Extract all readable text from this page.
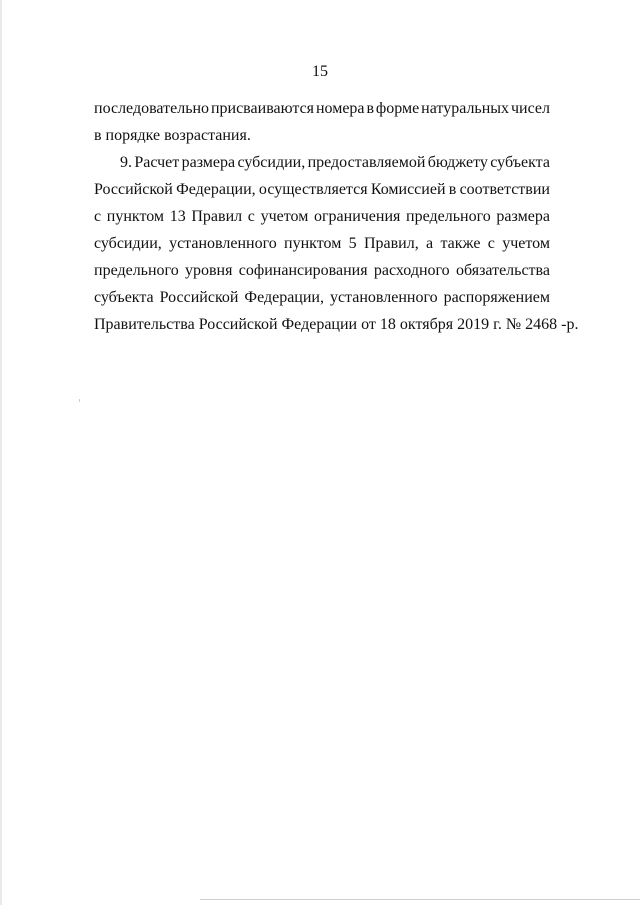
15
последовательно присваиваются номера в форме натуральных чисел
в порядке возрастания.
9. Расчет размера субсидии, предоставляемой бюджету субъекта
Российской Федерации, осуществляется Комиссией в соответствии
с пунктом 13 Правил с учетом ограничения предельного размера
субсидии, установленного пунктом 5 Правил, а также с учетом
предельного уровня софинансирования расходного обязательства
субъекта Российской Федерации, установленного распоряжением
Правительства Российской Федерации от 18 октября 2019 г. № 2468 -р.
